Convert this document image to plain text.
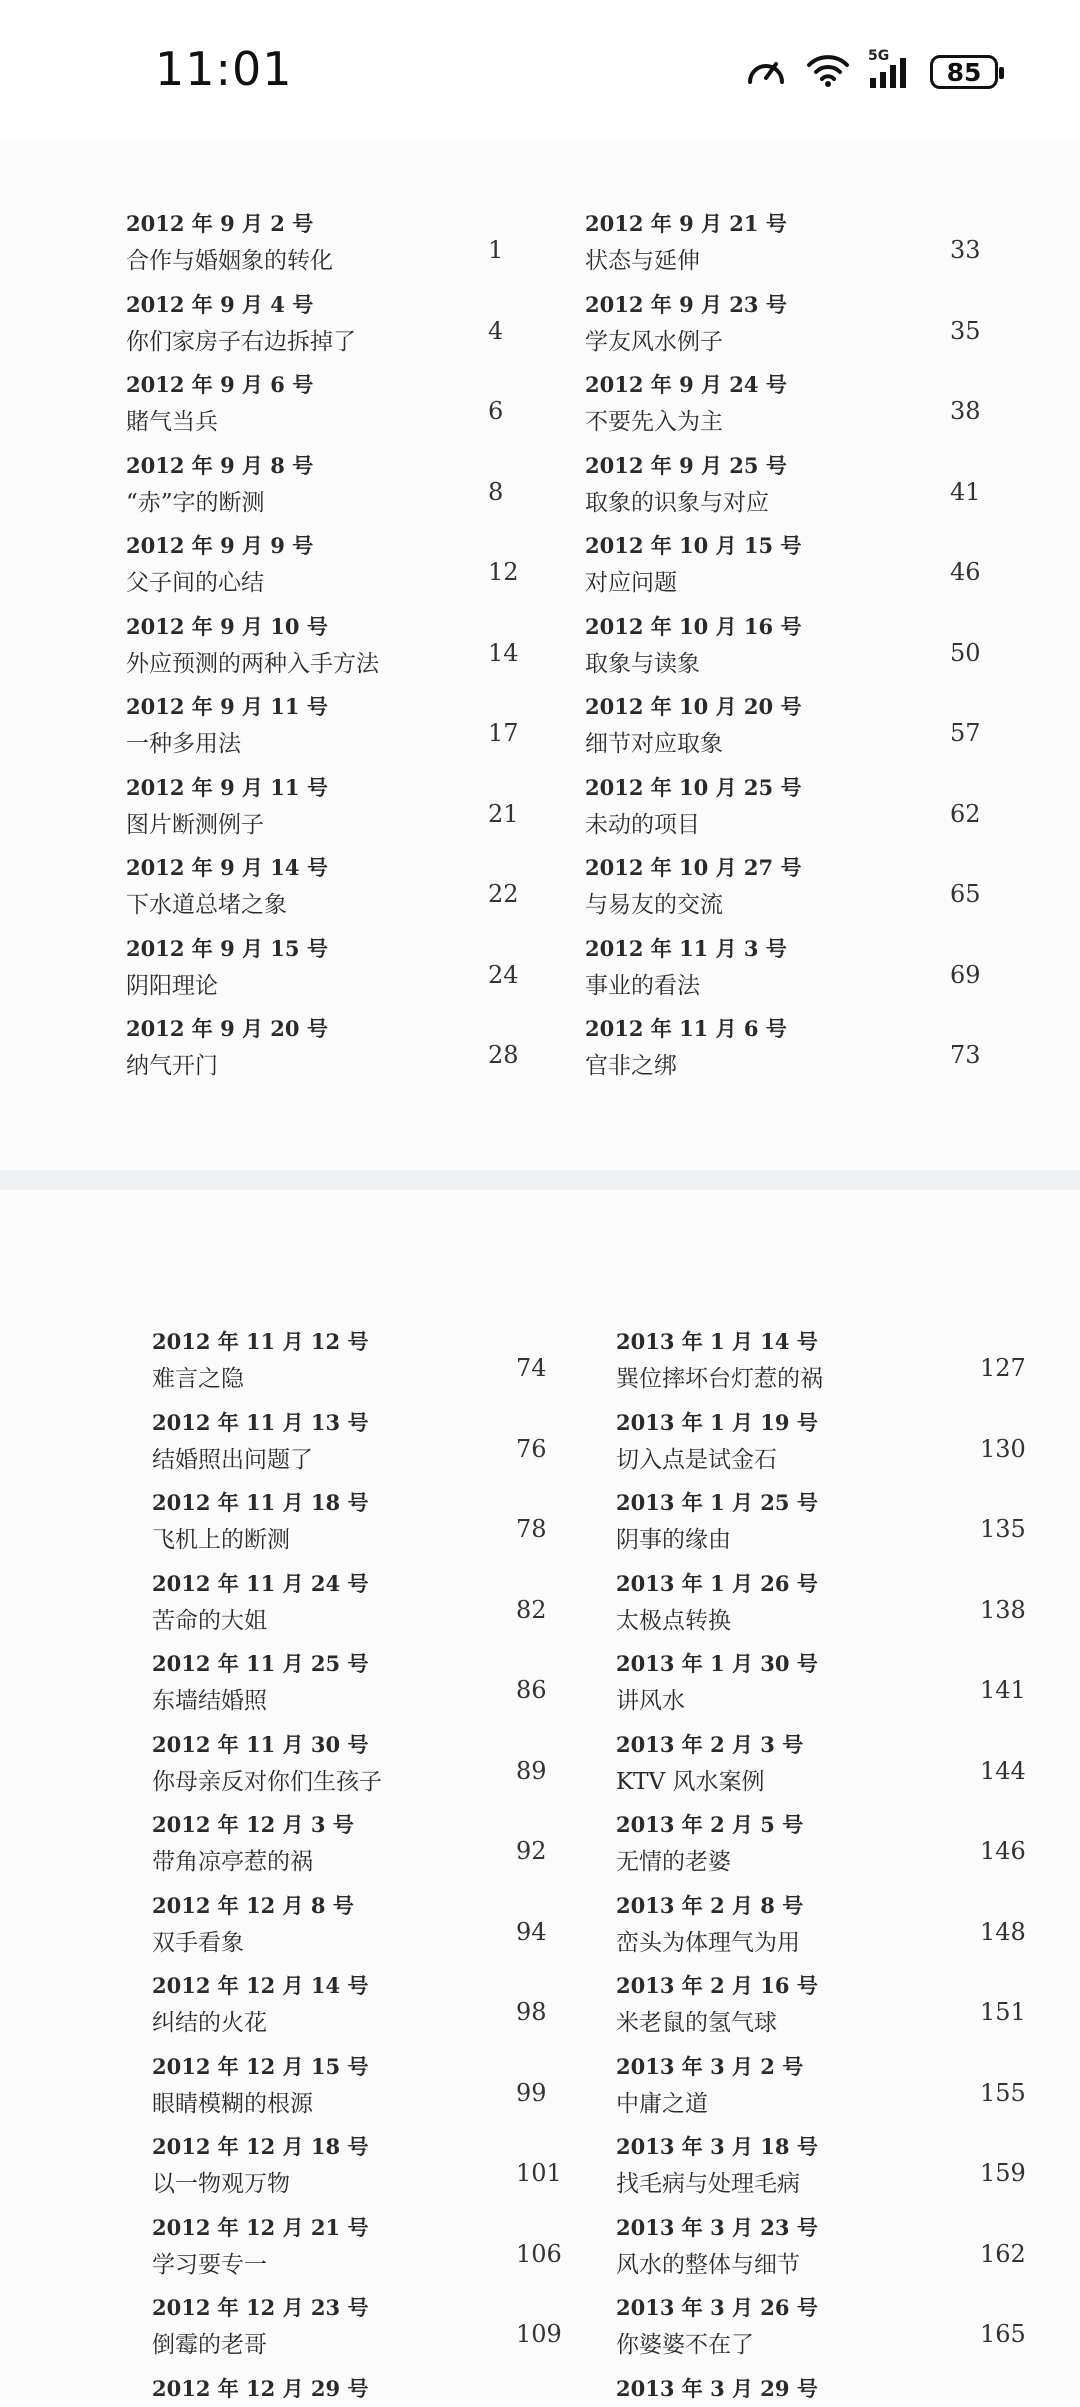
11:01	5G
85
2012 年 9 月 2 号
合作与婚姻象的转化	1
2012 年 9 月 4 号
你们家房子右边拆掉了	4
2012 年 9 月 6 号
賭气当兵	6
2012 年 9 月 8 号
“赤”字的断测	8
2012 年 9 月 9 号
父子间的心结	12
2012 年 9 月 10 号
外应预测的两种入手方法	14
2012 年 9 月 11 号
一种多用法	17
2012 年 9 月 11 号
图片断测例子	21
2012 年 9 月 14 号
下水道总堵之象	22
2012 年 9 月 15 号
阴阳理论	24
2012 年 9 月 20 号
纳气开门	28
2012 年 9 月 21 号
状态与延伸	33
2012 年 9 月 23 号
学友风水例子	35
2012 年 9 月 24 号
不要先入为主	38
2012 年 9 月 25 号
取象的识象与对应	41
2012 年 10 月 15 号
对应问题	46
2012 年 10 月 16 号
取象与读象	50
2012 年 10 月 20 号
细节对应取象	57
2012 年 10 月 25 号
未动的项目	62
2012 年 10 月 27 号
与易友的交流	65
2012 年 11 月 3 号
事业的看法	69
2012 年 11 月 6 号
官非之绑	73
2012 年 11 月 12 号
难言之隐	74
2012 年 11 月 13 号
结婚照出问题了	76
2012 年 11 月 18 号
飞机上的断测	78
2012 年 11 月 24 号
苦命的大姐	82
2012 年 11 月 25 号
东墙结婚照	86
2012 年 11 月 30 号
你母亲反对你们生孩子	89
2012 年 12 月 3 号
带角凉亭惹的祸	92
2012 年 12 月 8 号
双手看象	94
2012 年 12 月 14 号
纠结的火花	98
2012 年 12 月 15 号
眼睛模糊的根源	99
2012 年 12 月 18 号
以一物观万物	101
2012 年 12 月 21 号
学习要专一	106
2012 年 12 月 23 号
倒霉的老哥	109
2012 年 12 月 29 号
2013 年 1 月 14 号
巽位摔坏台灯惹的祸	127
2013 年 1 月 19 号
切入点是试金石	130
2013 年 1 月 25 号
阴事的缘由	135
2013 年 1 月 26 号
太极点转换	138
2013 年 1 月 30 号
讲风水	141
2013 年 2 月 3 号
KTV 风水案例	144
2013 年 2 月 5 号
无情的老婆	146
2013 年 2 月 8 号
峦头为体理气为用	148
2013 年 2 月 16 号
米老鼠的氢气球	151
2013 年 3 月 2 号
中庸之道	155
2013 年 3 月 18 号
找毛病与处理毛病	159
2013 年 3 月 23 号
风水的整体与细节	162
2013 年 3 月 26 号
你婆婆不在了	165
2013 年 3 月 29 号
